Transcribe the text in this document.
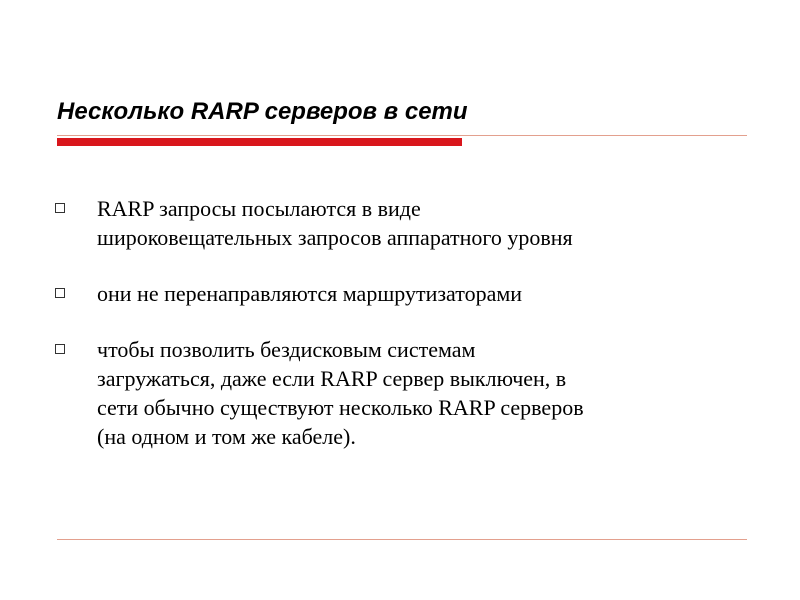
Несколько RARP серверов в сети
RARP запросы посылаются в виде
широковещательных запросов аппаратного уровня
они не перенаправляются маршрутизаторами
чтобы позволить бездисковым системам
загружаться, даже если RARP сервер выключен, в
сети обычно существуют несколько RARP серверов
(на одном и том же кабеле).
